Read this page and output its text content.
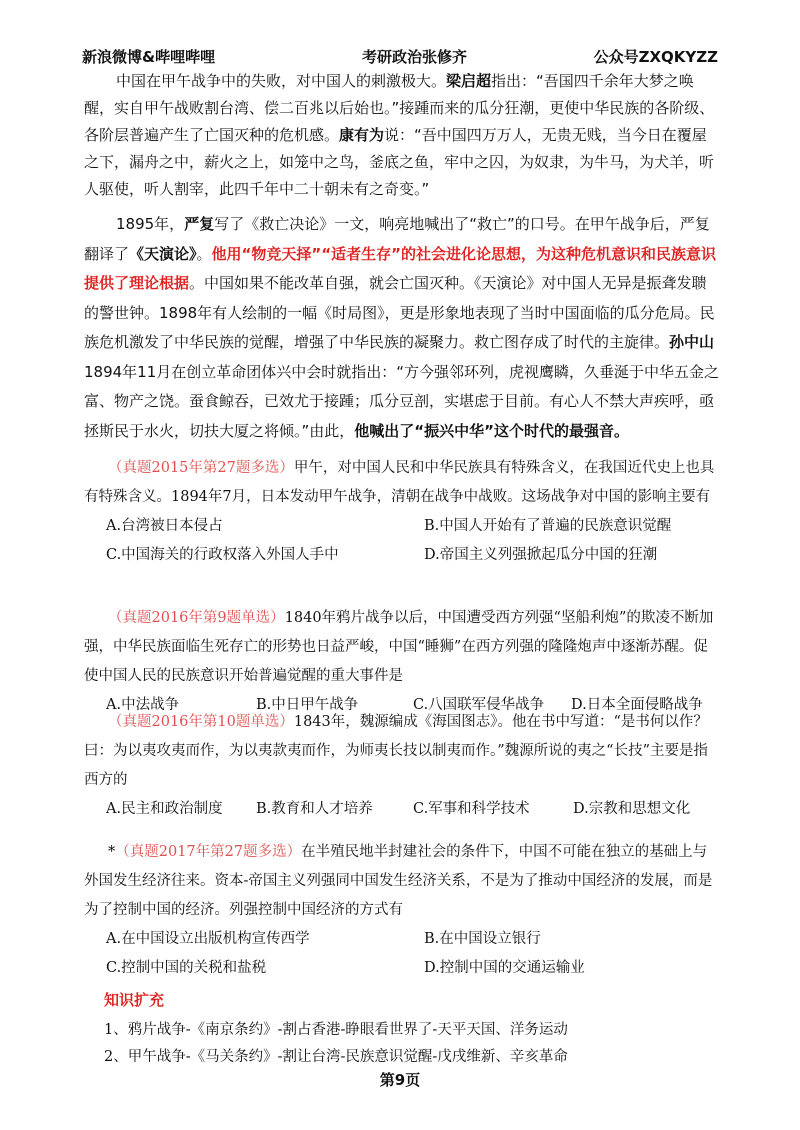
新浪微博&哔哩哔哩	考研政治张修齐	公众号ZXQKYZZ

中国在甲午战争中的失败，对中国人的刺激极大。梁启超指出：“吾国四千余年大梦之唤醒，实自甲午战败割台湾、偿二百兆以后始也。”接踵而来的瓜分狂潮，更使中华民族的各阶级、各阶层普遍产生了亡国灭种的危机感。康有为说：“吾中国四万万人，无贵无贱，当今日在覆屋之下，漏舟之中，薪火之上，如笼中之鸟，釜底之鱼，牢中之囚，为奴隶，为牛马，为犬羊，听人驱使，听人割宰，此四千年中二十朝未有之奇变。”

1895年，严复写了《救亡决论》一文，响亮地喊出了“救亡”的口号。在甲午战争后，严复翻译了《天演论》。他用“物竞天择”“适者生存”的社会进化论思想，为这种危机意识和民族意识提供了理论根据。中国如果不能改革自强，就会亡国灭种。《天演论》对中国人无异是振聋发聩的警世钟。1898年有人绘制的一幅《时局图》，更是形象地表现了当时中国面临的瓜分危局。民族危机激发了中华民族的觉醒，增强了中华民族的凝聚力。救亡图存成了时代的主旋律。孙中山1894年11月在创立革命团体兴中会时就指出：“方今强邻环列，虎视鹰瞵，久垂涎于中华五金之富、物产之饶。蚕食鲸吞，已效尤于接踵；瓜分豆剖，实堪虑于目前。有心人不禁大声疾呼，亟拯斯民于水火，切扶大厦之将倾。”由此，他喊出了“振兴中华”这个时代的最强音。

（真题2015年第27题多选）甲午，对中国人民和中华民族具有特殊含义，在我国近代史上也具有特殊含义。1894年7月，日本发动甲午战争，清朝在战争中战败。这场战争对中国的影响主要有
A.台湾被日本侵占	B.中国人开始有了普遍的民族意识觉醒
C.中国海关的行政权落入外国人手中	D.帝国主义列强掀起瓜分中国的狂潮
（真题2016年第9题单选）1840年鸦片战争以后，中国遭受西方列强“坚船利炮”的欺凌不断加强，中华民族面临生死存亡的形势也日益严峻，中国“睡狮”在西方列强的隆隆炮声中逐渐苏醒。促使中国人民的民族意识开始普遍觉醒的重大事件是
A.中法战争	B.中日甲午战争	C.八国联军侵华战争	D.日本全面侵略战争
（真题2016年第10题单选）1843年，魏源编成《海国图志》。他在书中写道：“是书何以作？曰：为以夷攻夷而作，为以夷款夷而作，为师夷长技以制夷而作。”魏源所说的夷之“长技”主要是指西方的
A.民主和政治制度	B.教育和人才培养	C.军事和科学技术	D.宗教和思想文化
*（真题2017年第27题多选）在半殖民地半封建社会的条件下，中国不可能在独立的基础上与外国发生经济往来。资本-帝国主义列强同中国发生经济关系，不是为了推动中国经济的发展，而是为了控制中国的经济。列强控制中国经济的方式有
A.在中国设立出版机构宣传西学	B.在中国设立银行
C.控制中国的关税和盐税	D.控制中国的交通运输业
知识扩充
1、鸦片战争-《南京条约》-割占香港-睁眼看世界了-天平天国、洋务运动
2、甲午战争-《马关条约》-割让台湾-民族意识觉醒-戊戌维新、辛亥革命
第9页
